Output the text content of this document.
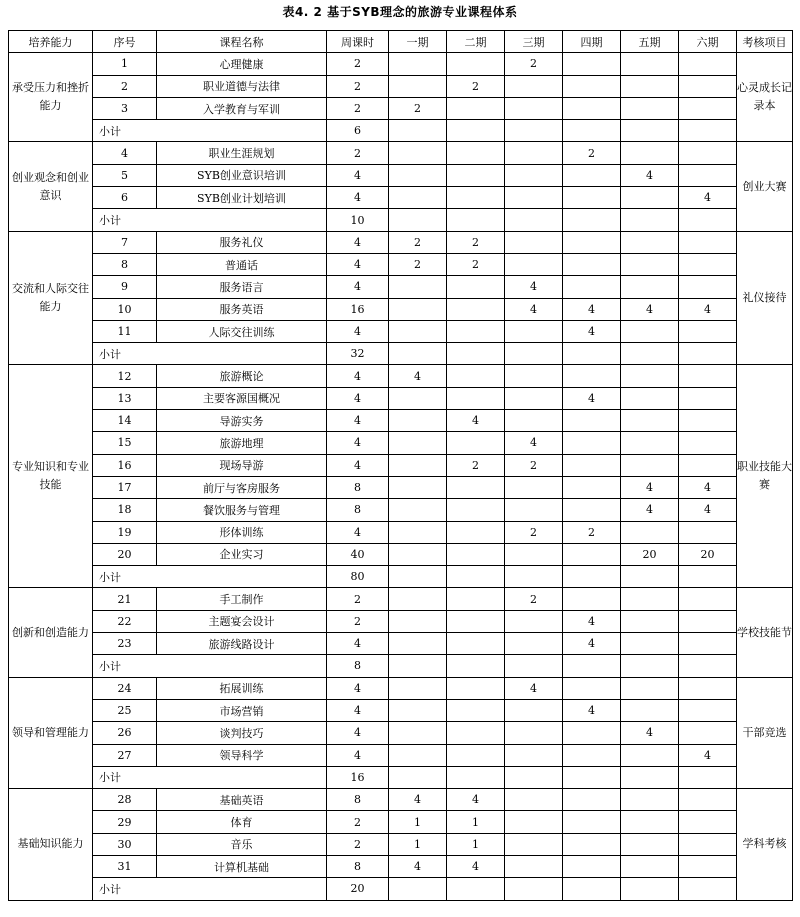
表4. 2 基于SYB理念的旅游专业课程体系
培养能力	序号	课程名称	周课时	一期	二期	三期	四期	五期	六期	考核项目
承受压力和挫折能力	1	心理健康	2			2				心灵成长记录本
	2	职业道德与法律	2		2					
	3	入学教育与军训	2	2						
	小计		6							
创业观念和创业意识	4	职业生涯规划	2				2			创业大赛
	5	SYB创业意识培训	4					4		
	6	SYB创业计划培训	4						4	
	小计		10							
交流和人际交往能力	7	服务礼仪	4	2	2					礼仪接待
	8	普通话	4	2	2					
	9	服务语言	4			4				
	10	服务英语	16			4	4	4	4	
	11	人际交往训练	4				4			
	小计		32							
专业知识和专业技能	12	旅游概论	4	4						职业技能大赛
	13	主要客源国概况	4				4			
	14	导游实务	4		4					
	15	旅游地理	4			4				
	16	现场导游	4		2	2				
	17	前厅与客房服务	8					4	4	
	18	餐饮服务与管理	8					4	4	
	19	形体训练	4			2	2			
	20	企业实习	40					20	20	
	小计		80							
创新和创造能力	21	手工制作	2			2				学校技能节
	22	主题宴会设计	2				4			
	23	旅游线路设计	4				4			
	小计		8							
领导和管理能力	24	拓展训练	4			4				干部竞选
	25	市场营销	4				4			
	26	谈判技巧	4					4		
	27	领导科学	4						4	
	小计		16							
基础知识能力	28	基础英语	8	4	4					学科考核
	29	体育	2	1	1					
	30	音乐	2	1	1					
	31	计算机基础	8	4	4					
	小计		20							
